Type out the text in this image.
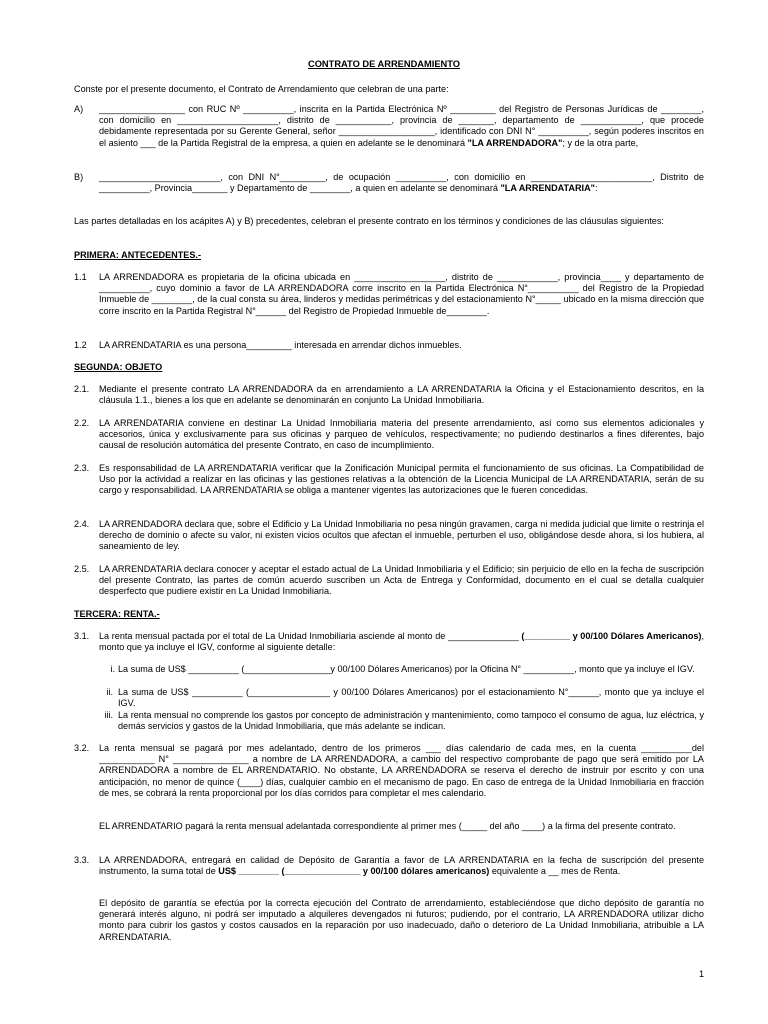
CONTRATO DE ARRENDAMIENTO

Conste por el presente documento, el Contrato de Arrendamiento que celebran de una parte:

A) _________________ con RUC Nº __________, inscrita en la Partida Electrónica Nº _________ del Registro de Personas Jurídicas de ________, con domicilio en ____________________, distrito de ___________, provincia de _______, departamento de ____________, que procede debidamente representada por su Gerente General, señor ___________________, identificado con DNI N° __________, según poderes inscritos en el asiento ___ de la Partida Registral de la empresa, a quien en adelante se le denominará "LA ARRENDADORA"; y de la otra parte,

B) ________________________, con DNI N°_________, de ocupación __________, con domicilio en ________________________, Distrito de __________, Provincia_______ y Departamento de ________, a quien en adelante se denominará "LA ARRENDATARIA":

Las partes detalladas en los acápites A) y B) precedentes, celebran el presente contrato en los términos y condiciones de las cláusulas siguientes:

PRIMERA: ANTECEDENTES.-

1.1 LA ARRENDADORA es propietaria de la oficina ubicada en __________________, distrito de ____________, provincia____ y departamento de __________, cuyo dominio a favor de LA ARRENDADORA corre inscrito en la Partida Electrónica N°__________ del Registro de la Propiedad Inmueble de ________, de la cual consta su área, linderos y medidas perimétricas y del estacionamiento N°_____ ubicado en la misma dirección que corre inscrito en la Partida Registral N°______ del Registro de Propiedad Inmueble de________.

1.2 LA ARRENDATARIA es una persona_________ interesada en arrendar dichos inmuebles.

SEGUNDA: OBJETO

2.1. Mediante el presente contrato LA ARRENDADORA da en arrendamiento a LA ARRENDATARIA la Oficina y el Estacionamiento descritos, en la cláusula 1.1., bienes a los que en adelante se denominarán en conjunto La Unidad Inmobiliaria.

2.2. LA ARRENDATARIA conviene en destinar La Unidad Inmobiliaria materia del presente arrendamiento, así como sus elementos adicionales y accesorios, única y exclusivamente para sus oficinas y parqueo de vehículos, respectivamente; no pudiendo destinarlos a fines diferentes, bajo causal de resolución automática del presente Contrato, en caso de incumplimiento.

2.3. Es responsabilidad de LA ARRENDATARIA verificar que la Zonificación Municipal permita el funcionamiento de sus oficinas. La Compatibilidad de Uso por la actividad a realizar en las oficinas y las gestiones relativas a la obtención de la Licencia Municipal de LA ARRENDATARIA, serán de su cargo y responsabilidad. LA ARRENDATARIA se obliga a mantener vigentes las autorizaciones que le fueren concedidas.

2.4. LA ARRENDADORA declara que, sobre el Edificio y La Unidad Inmobiliaria no pesa ningún gravamen, carga ni medida judicial que limite o restrinja el derecho de dominio o afecte su valor, ni existen vicios ocultos que afectan el inmueble, perturben el uso, obligándose desde ahora, si los hubiera, al saneamiento de ley.

2.5. LA ARRENDATARIA declara conocer y aceptar el estado actual de La Unidad Inmobiliaria y el Edificio; sin perjuicio de ello en la fecha de suscripción del presente Contrato, las partes de común acuerdo suscriben un Acta de Entrega y Conformidad, documento en el cual se detalla cualquier desperfecto que pudiere existir en La Unidad Inmobiliaria.

TERCERA: RENTA.-

3.1. La renta mensual pactada por el total de La Unidad Inmobiliaria asciende al monto de ______________ (_________ y 00/100 Dólares Americanos), monto que ya incluye el IGV, conforme al siguiente detalle:

i. La suma de US$ __________ (_________________y 00/100 Dólares Americanos) por la Oficina N° __________, monto que ya incluye el IGV.

ii. La suma de US$ __________ (________________ y 00/100 Dólares Americanos) por el estacionamiento N°______, monto que ya incluye el IGV.

iii. La renta mensual no comprende los gastos por concepto de administración y mantenimiento, como tampoco el consumo de agua, luz eléctrica, y demás servicios y gastos de la Unidad Inmobiliaria, que más adelante se indican.

3.2. La renta mensual se pagará por mes adelantado, dentro de los primeros ___ días calendario de cada mes, en la cuenta __________del ___________ N° _______________ a nombre de LA ARRENDADORA, a cambio del respectivo comprobante de pago que será emitido por LA ARRENDADORA a nombre de EL ARRENDATARIO. No obstante, LA ARRENDADORA se reserva el derecho de instruir por escrito y con una anticipación, no menor de quince (____) días, cualquier cambio en el mecanismo de pago. En caso de entrega de la Unidad Inmobiliaria en fracción de mes, se cobrará la renta proporcional por los días corridos para completar el mes calendario.

EL ARRENDATARIO pagará la renta mensual adelantada correspondiente al primer mes (_____ del año ____) a la firma del presente contrato.

3.3. LA ARRENDADORA, entregará en calidad de Depósito de Garantía a favor de LA ARRENDATARIA en la fecha de suscripción del presente instrumento, la suma total de US$ ________ (_______________ y 00/100 dólares americanos) equivalente a __ mes de Renta.

El depósito de garantía se efectúa por la correcta ejecución del Contrato de arrendamiento, estableciéndose que dicho depósito de garantía no generará interés alguno, ni podrá ser imputado a alquileres devengados ni futuros; pudiendo, por el contrario, LA ARRENDADORA utilizar dicho monto para cubrir los gastos y costos causados en la reparación por uso inadecuado, daño o deterioro de La Unidad Inmobiliaria, atribuible a LA ARRENDATARIA.

1
